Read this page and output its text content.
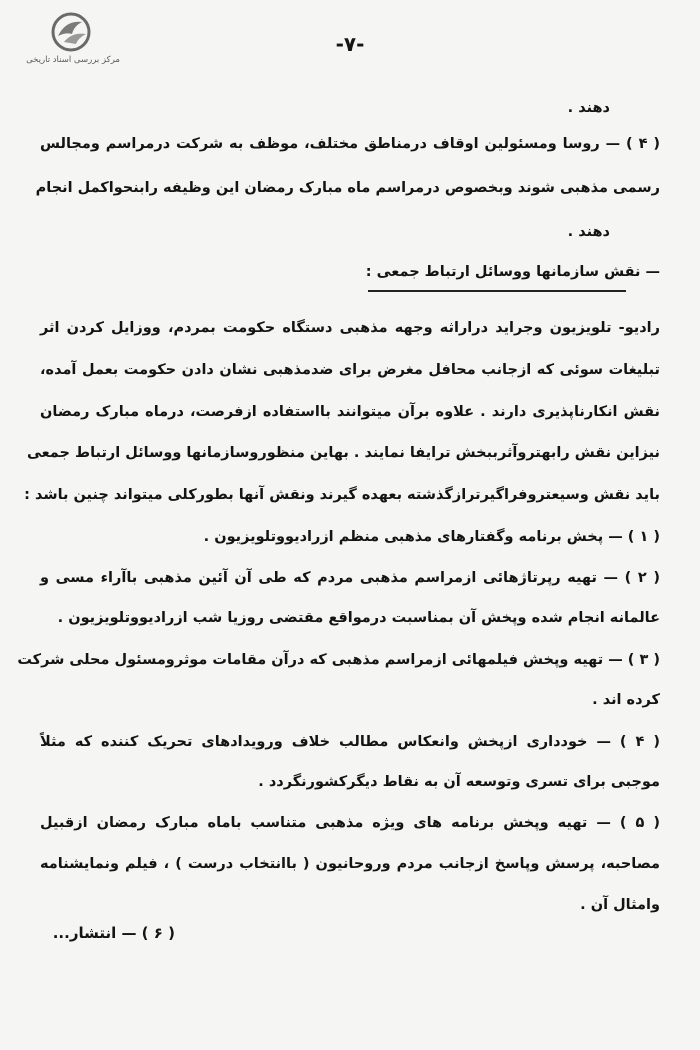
مرکز بررسی اسناد تاریخی
-۷-
دهند .
( ۴ ) — روسا ومسئولین اوقاف درمناطق مختلف، موظف به شرکت درمراسم ومجالس
رسمی مذهبی شوند وبخصوص درمراسم ماه مبارک رمضان این وظیفه رابنحواکمل انجام
دهند .
— نقش سازمانها ووسائل ارتباط جمعی :
رادیو- تلویزیون وجراید دراراثه وجهه مذهبی دستگاه حکومت بمردم، ووزایل کردن اثر
تبلیغات سوئی که ازجانب محافل مغرض برای ضدمذهبی نشان دادن حکومت بعمل آمده،
نقش انکارناپذیری دارند . علاوه برآن میتوانند بااستفاده ازفرصت، درماه مبارک رمضان
نیزاین نقش رابهتروآثرببخش ترایفا نمایند . بهاین منظوروسازمانها ووسائل ارتباط جمعی
باید نقش وسیعتروفراگیرترازگذشته بعهده گیرند ونقش آنها بطورکلی میتواند چنین باشد :
( ۱ ) — پخش برنامه وگفتارهای مذهبی منظم ازرادیووتلویزیون .
( ۲ ) — تهیه رپرتاژهائی ازمراسم مذهبی مردم که طی آن آئین مذهبی باآراء مسی و
عالمانه انجام شده وپخش آن بمناسبت درمواقع مقتضی روزیا شب ازرادیووتلویزیون .
( ۳ ) — تهیه وپخش فیلمهائی ازمراسم مذهبی که درآن مقامات موثرومسئول محلی شرکت
کرده اند .
( ۴ ) — خودداری ازپخش وانعکاس مطالب خلاف ورویدادهای تحریک کننده که مثلاً
موجبی برای تسری وتوسعه آن به نقاط دیگرکشورنگردد .
( ۵ ) — تهیه وپخش برنامه های ویژه مذهبی متناسب باماه مبارک رمضان ازقبیل
مصاحبه، پرسش وپاسخ ازجانب مردم وروحانیون ( باانتخاب درست ) ، فیلم ونمایشنامه
وامثال آن .
( ۶ ) — انتشار...
